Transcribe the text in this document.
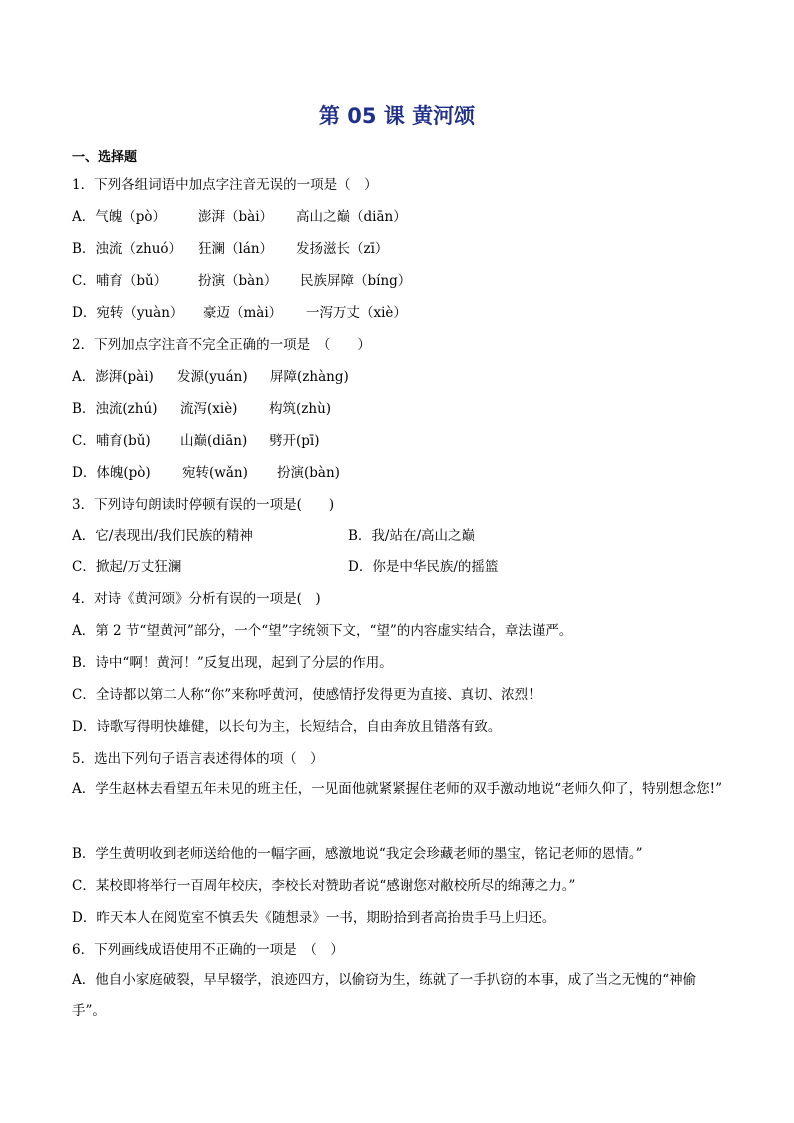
第 05 课 黄河颂
一、选择题
1．下列各组词语中加点字注音无误的一项是（　）
A．气魄（pò） 澎湃（bài） 高山之巅（diān）
B．浊流（zhuó） 狂澜（lán） 发扬滋长（zī）
C．哺育（bǔ） 扮演（bàn） 民族屏障（bíng）
D．宛转（yuàn） 豪迈（mài） 一泻万丈（xiè）
2．下列加点字注音不完全正确的一项是　（　　）
A．澎湃(pài) 发源(yuán) 屏障(zhàng)
B．浊流(zhú) 流泻(xiè) 构筑(zhù)
C．哺育(bǔ) 山巅(diān) 劈开(pī)
D．体魄(pò) 宛转(wǎn) 扮演(bàn)
3．下列诗句朗读时停顿有误的一项是(　　)
A．它/表现出/我们民族的精神	B．我/站在/高山之巅
C．掀起/万丈狂澜	D．你是中华民族/的摇篮
4．对诗《黄河颂》分析有误的一项是(　)
A．第 2 节“望黄河”部分，一个“望”字统领下文，“望”的内容虚实结合，章法谨严。
B．诗中“啊！黄河！”反复出现，起到了分层的作用。
C．全诗都以第二人称“你”来称呼黄河，使感情抒发得更为直接、真切、浓烈！
D．诗歌写得明快雄健，以长句为主，长短结合，自由奔放且错落有致。
5．选出下列句子语言表述得体的项（　）
A．学生赵林去看望五年未见的班主任，一见面他就紧紧握住老师的双手激动地说“老师久仰了，特别想念您!”
B．学生黄明收到老师送给他的一幅字画，感激地说“我定会珍藏老师的墨宝，铭记老师的恩情。”
C．某校即将举行一百周年校庆，李校长对赞助者说“感谢您对敝校所尽的绵薄之力。”
D．昨天本人在阅览室不慎丢失《随想录》一书，期盼拾到者高抬贵手马上归还。
6．下列画线成语使用不正确的一项是　（　）
A．他自小家庭破裂，早早辍学，浪迹四方，以偷窃为生，练就了一手扒窃的本事，成了当之无愧的“神偷手”。
